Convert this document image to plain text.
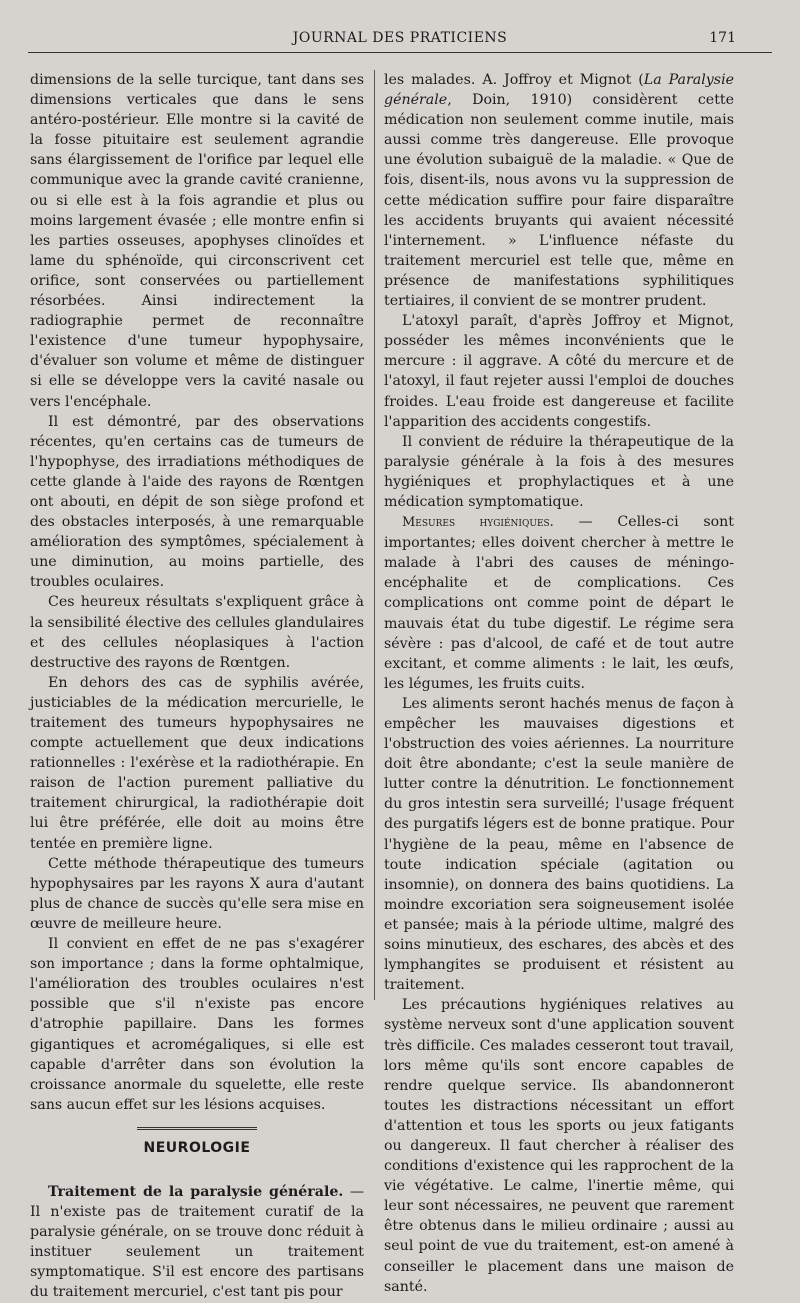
JOURNAL DES PRATICIENS	171

dimensions de la selle turcique, tant dans ses dimensions verticales que dans le sens antéro-postérieur. Elle montre si la cavité de la fosse pituitaire est seulement agrandie sans élargissement de l'orifice par lequel elle communique avec la grande cavité cranienne, ou si elle est à la fois agrandie et plus ou moins largement évasée ; elle montre enfin si les parties osseuses, apophyses clinoïdes et lame du sphénoïde, qui circonscrivent cet orifice, sont conservées ou partiellement résorbées. Ainsi indirectement la radiographie permet de reconnaître l'existence d'une tumeur hypophysaire, d'évaluer son volume et même de distinguer si elle se développe vers la cavité nasale ou vers l'encéphale.

Il est démontré, par des observations récentes, qu'en certains cas de tumeurs de l'hypophyse, des irradiations méthodiques de cette glande à l'aide des rayons de Rœntgen ont abouti, en dépit de son siège profond et des obstacles interposés, à une remarquable amélioration des symptômes, spécialement à une diminution, au moins partielle, des troubles oculaires.

Ces heureux résultats s'expliquent grâce à la sensibilité élective des cellules glandulaires et des cellules néoplasiques à l'action destructive des rayons de Rœntgen.

En dehors des cas de syphilis avérée, justiciables de la médication mercurielle, le traitement des tumeurs hypophysaires ne compte actuellement que deux indications rationnelles : l'exérèse et la radiothérapie. En raison de l'action purement palliative du traitement chirurgical, la radiothérapie doit lui être préférée, elle doit au moins être tentée en première ligne.

Cette méthode thérapeutique des tumeurs hypophysaires par les rayons X aura d'autant plus de chance de succès qu'elle sera mise en œuvre de meilleure heure.

Il convient en effet de ne pas s'exagérer son importance ; dans la forme ophtalmique, l'amélioration des troubles oculaires n'est possible que s'il n'existe pas encore d'atrophie papillaire. Dans les formes gigantiques et acromégaliques, si elle est capable d'arrêter dans son évolution la croissance anormale du squelette, elle reste sans aucun effet sur les lésions acquises.

NEUROLOGIE

Traitement de la paralysie générale. — Il n'existe pas de traitement curatif de la paralysie générale, on se trouve donc réduit à instituer seulement un traitement symptomatique. S'il est encore des partisans du traitement mercuriel, c'est tant pis pour

les malades. A. Joffroy et Mignot (La Paralysie générale, Doin, 1910) considèrent cette médication non seulement comme inutile, mais aussi comme très dangereuse. Elle provoque une évolution subaiguë de la maladie. « Que de fois, disent-ils, nous avons vu la suppression de cette médication suffire pour faire disparaître les accidents bruyants qui avaient nécessité l'internement. » L'influence néfaste du traitement mercuriel est telle que, même en présence de manifestations syphilitiques tertiaires, il convient de se montrer prudent.

L'atoxyl paraît, d'après Joffroy et Mignot, posséder les mêmes inconvénients que le mercure : il aggrave. A côté du mercure et de l'atoxyl, il faut rejeter aussi l'emploi de douches froides. L'eau froide est dangereuse et facilite l'apparition des accidents congestifs.

Il convient de réduire la thérapeutique de la paralysie générale à la fois à des mesures hygiéniques et prophylactiques et à une médication symptomatique.

Mesures hygiéniques. — Celles-ci sont importantes; elles doivent chercher à mettre le malade à l'abri des causes de méningo-encéphalite et de complications. Ces complications ont comme point de départ le mauvais état du tube digestif. Le régime sera sévère : pas d'alcool, de café et de tout autre excitant, et comme aliments : le lait, les œufs, les légumes, les fruits cuits.

Les aliments seront hachés menus de façon à empêcher les mauvaises digestions et l'obstruction des voies aériennes. La nourriture doit être abondante; c'est la seule manière de lutter contre la dénutrition. Le fonctionnement du gros intestin sera surveillé; l'usage fréquent des purgatifs légers est de bonne pratique. Pour l'hygiène de la peau, même en l'absence de toute indication spéciale (agitation ou insomnie), on donnera des bains quotidiens. La moindre excoriation sera soigneusement isolée et pansée; mais à la période ultime, malgré des soins minutieux, des eschares, des abcès et des lymphangites se produisent et résistent au traitement.

Les précautions hygiéniques relatives au système nerveux sont d'une application souvent très difficile. Ces malades cesseront tout travail, lors même qu'ils sont encore capables de rendre quelque service. Ils abandonneront toutes les distractions nécessitant un effort d'attention et tous les sports ou jeux fatigants ou dangereux. Il faut chercher à réaliser des conditions d'existence qui les rapprochent de la vie végétative. Le calme, l'inertie même, qui leur sont nécessaires, ne peuvent que rarement être obtenus dans le milieu ordinaire ; aussi au seul point de vue du traitement, est-on amené à conseiller le placement dans une maison de santé.
